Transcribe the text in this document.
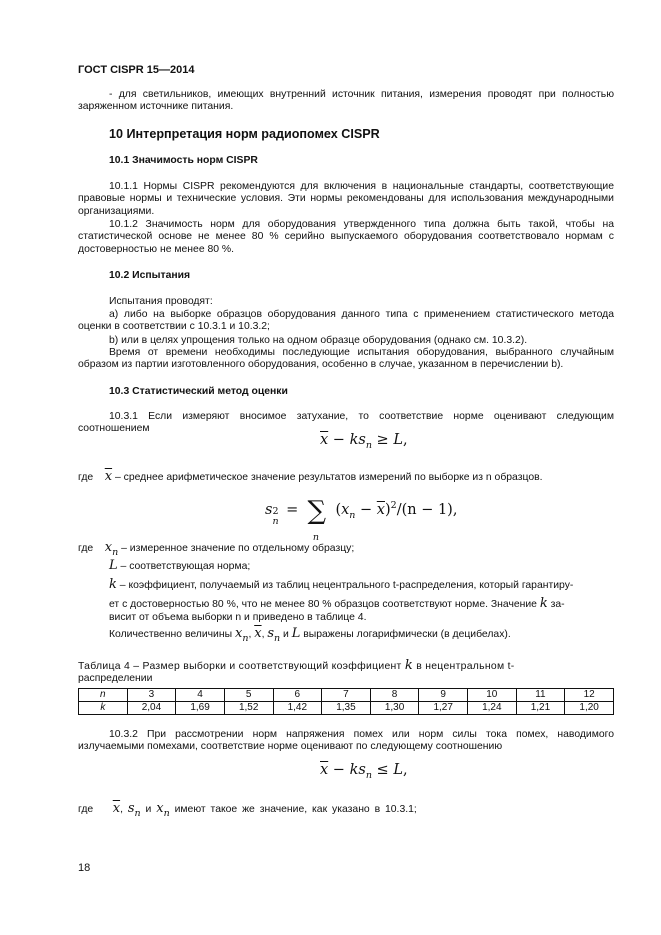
ГОСТ CISPR 15—2014
- для светильников, имеющих внутренний источник питания, измерения проводят при полностью заряженном источнике питания.
10 Интерпретация норм радиопомех CISPR
10.1 Значимость норм CISPR
10.1.1 Нормы CISPR рекомендуются для включения в национальные стандарты, соответствующие правовые нормы и технические условия. Эти нормы рекомендованы для использования международными организациями.
10.1.2 Значимость норм для оборудования утвержденного типа должна быть такой, чтобы на статистической основе не менее 80 % серийно выпускаемого оборудования соответствовало нормам с достоверностью не менее 80 %.
10.2 Испытания
Испытания проводят:
а) либо на выборке образцов оборудования данного типа с применением статистического метода оценки в соответствии с 10.3.1 и 10.3.2;
b) или в целях упрощения только на одном образце оборудования (однако см. 10.3.2).
Время от времени необходимы последующие испытания оборудования, выбранного случайным образом из партии изготовленного оборудования, особенно в случае, указанном в перечислении b).
10.3 Статистический метод оценки
10.3.1 Если измеряют вносимое затухание, то соответствие норме оценивают следующим соотношением
$\overline{x} - ks_n \ge L$,
где $\overline{x}$ – среднее арифметическое значение результатов измерений по выборке из n образцов.
s 2
n
= ∑
n
$(x_n - \overline{x})^2/(n - 1)$,
где xn – измеренное значение по отдельному образцу;
L – соответствующая норма;
k – коэффициент, получаемый из таблиц нецентрального t-распределения, который гарантиру-
ет с достоверностью 80 %, что не менее 80 % образцов соответствуют норме. Значение k за-
висит от объема выборки n и приведено в таблице 4.
Количественно величины xn, $\overline{x}$, sn и L выражены логарифмически (в децибелах).
Таблица 4 – Размер выборки и соответствующий коэффициент k в нецентральном t-
распределении
n	3	4	5	6	7	8	9	10	11	12
k	2,04	1,69	1,52	1,42	1,35	1,30	1,27	1,24	1,21	1,20
10.3.2 При рассмотрении норм напряжения помех или норм силы тока помех, наводимого излучаемыми помехами, соответствие норме оценивают по следующему соотношению
$\overline{x} - ks_n \le L$,
где $\overline{x}$, sn и xn имеют такое же значение, как указано в 10.3.1;
18
